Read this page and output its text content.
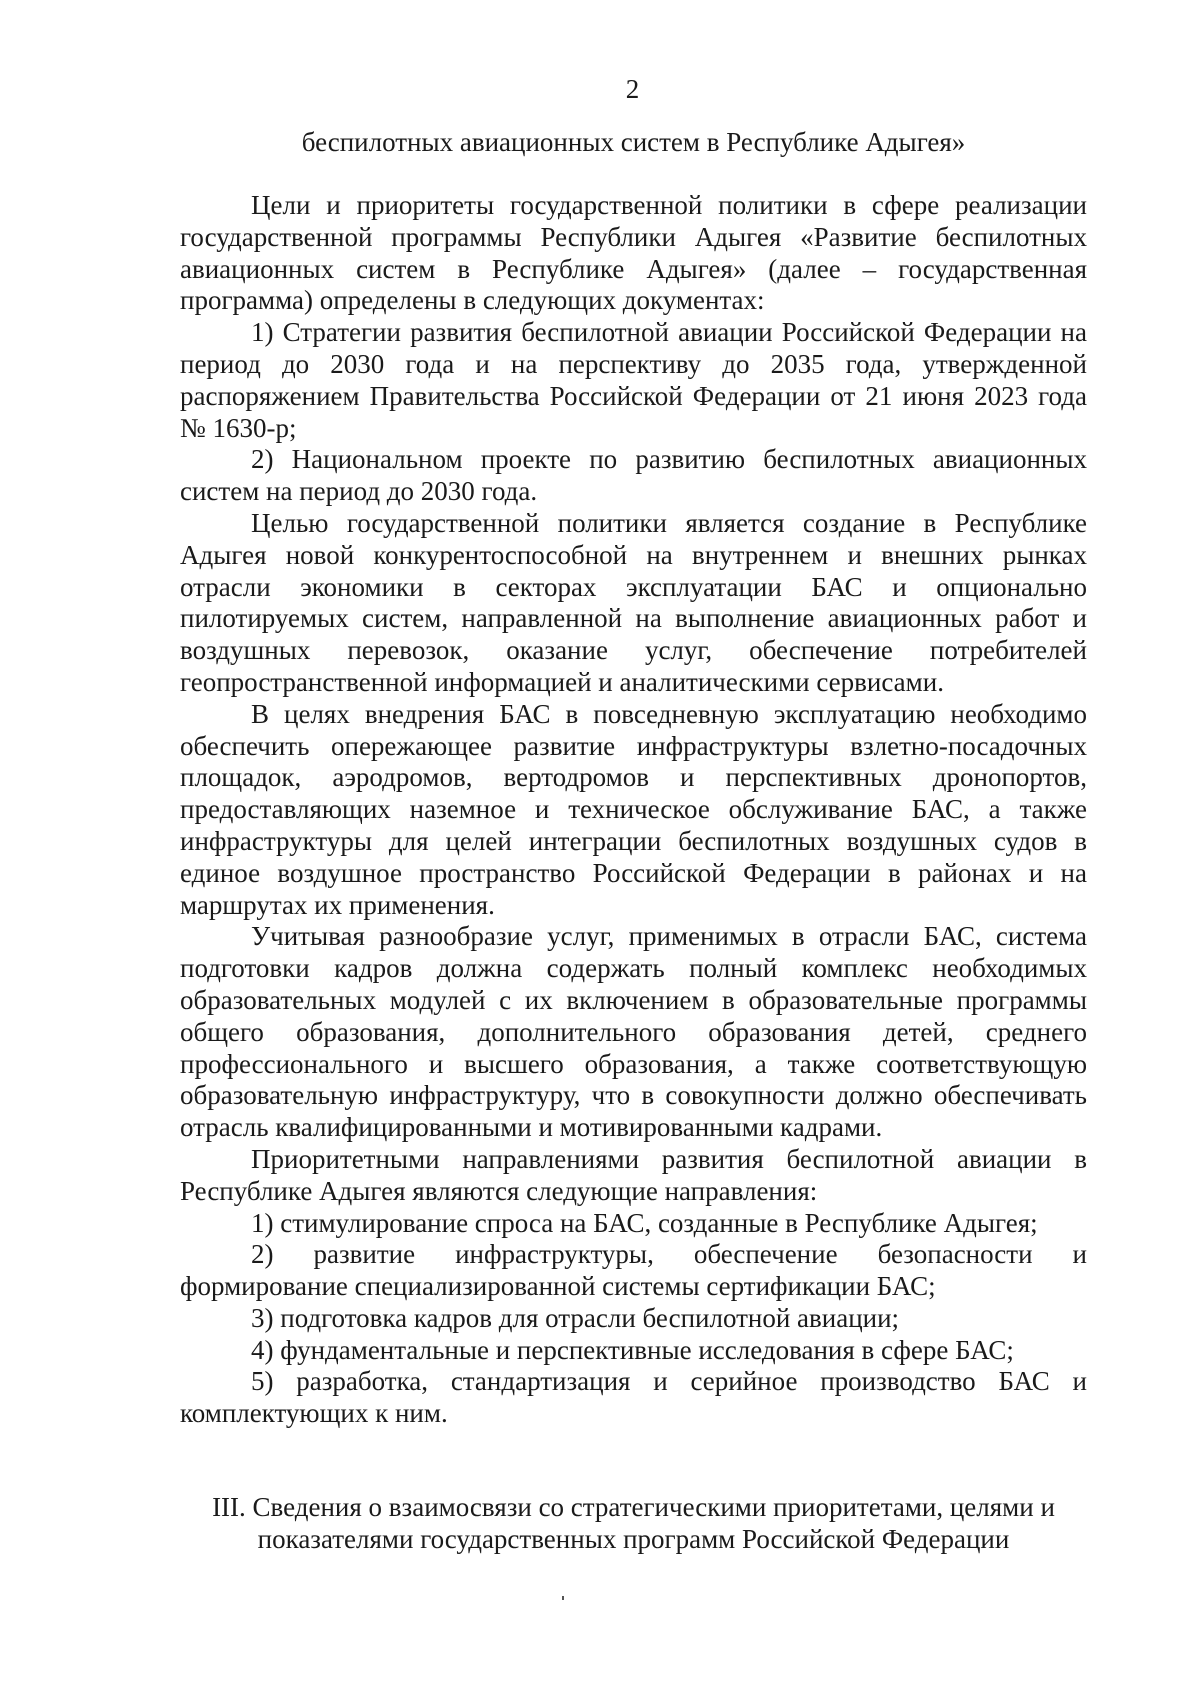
2
беспилотных авиационных систем в Республике Адыгея»

Цели и приоритеты государственной политики в сфере реализации государственной программы Республики Адыгея «Развитие беспилотных авиационных систем в Республике Адыгея» (далее – государственная программа) определены в следующих документах:

1) Стратегии развития беспилотной авиации Российской Федерации на период до 2030 года и на перспективу до 2035 года, утвержденной распоряжением Правительства Российской Федерации от 21 июня 2023 года № 1630-р;

2) Национальном проекте по развитию беспилотных авиационных систем на период до 2030 года.

Целью государственной политики является создание в Республике Адыгея новой конкурентоспособной на внутреннем и внешних рынках отрасли экономики в секторах эксплуатации БАС и опционально пилотируемых систем, направленной на выполнение авиационных работ и воздушных перевозок, оказание услуг, обеспечение потребителей геопространственной информацией и аналитическими сервисами.

В целях внедрения БАС в повседневную эксплуатацию необходимо обеспечить опережающее развитие инфраструктуры взлетно-посадочных площадок, аэродромов, вертодромов и перспективных дронопортов, предоставляющих наземное и техническое обслуживание БАС, а также инфраструктуры для целей интеграции беспилотных воздушных судов в единое воздушное пространство Российской Федерации в районах и на маршрутах их применения.

Учитывая разнообразие услуг, применимых в отрасли БАС, система подготовки кадров должна содержать полный комплекс необходимых образовательных модулей с их включением в образовательные программы общего образования, дополнительного образования детей, среднего профессионального и высшего образования, а также соответствующую образовательную инфраструктуру, что в совокупности должно обеспечивать отрасль квалифицированными и мотивированными кадрами.

Приоритетными направлениями развития беспилотной авиации в Республике Адыгея являются следующие направления:

1) стимулирование спроса на БАС, созданные в Республике Адыгея;

2) развитие инфраструктуры, обеспечение безопасности и формирование специализированной системы сертификации БАС;

3) подготовка кадров для отрасли беспилотной авиации;

4) фундаментальные и перспективные исследования в сфере БАС;

5) разработка, стандартизация и серийное производство БАС и комплектующих к ним.

III. Сведения о взаимосвязи со стратегическими приоритетами, целями и
показателями государственных программ Российской Федерации
